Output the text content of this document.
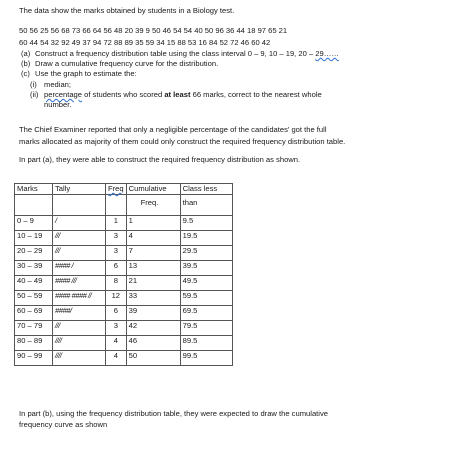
The data show the marks obtained by students in a Biology test.
50 56 25 56 68 73 66 64 56 48 20 39 9 50 46 54 54 40 50 96 36 44 18 97 65 21
60 44 54 32 92 49 37 94 72 88 89 35 59 34 15 88 53 16 84 52 72 46 60 42
(a) Construct a frequency distribution table using the class interval 0 – 9, 10 – 19, 20 – 29……
(b) Draw a cumulative frequency curve for the distribution.
(c) Use the graph to estimate the:
(i) median;
(ii) percentage of students who scored at least 66 marks, correct to the nearest whole
number.
The Chief Examiner reported that only a negligible percentage of the candidates' got the full
marks allocated as majority of them could only construct the required frequency distribution table.
In part (a), they were able to construct the required frequency distribution as shown.
Marks	Tally	Freq	Cumulative	Class less
			Freq.	than
0 – 9	/	1	1	9.5
10 – 19	///	3	4	19.5
20 – 29	///	3	7	29.5
30 – 39	#### /	6	13	39.5
40 – 49	#### ///	8	21	49.5
50 – 59	#### #### //	12	33	59.5
60 – 69	####/	6	39	69.5
70 – 79	///	3	42	79.5
80 – 89	////	4	46	89.5
90 – 99	////	4	50	99.5
In part (b), using the frequency distribution table, they were expected to draw the cumulative
frequency curve as shown
